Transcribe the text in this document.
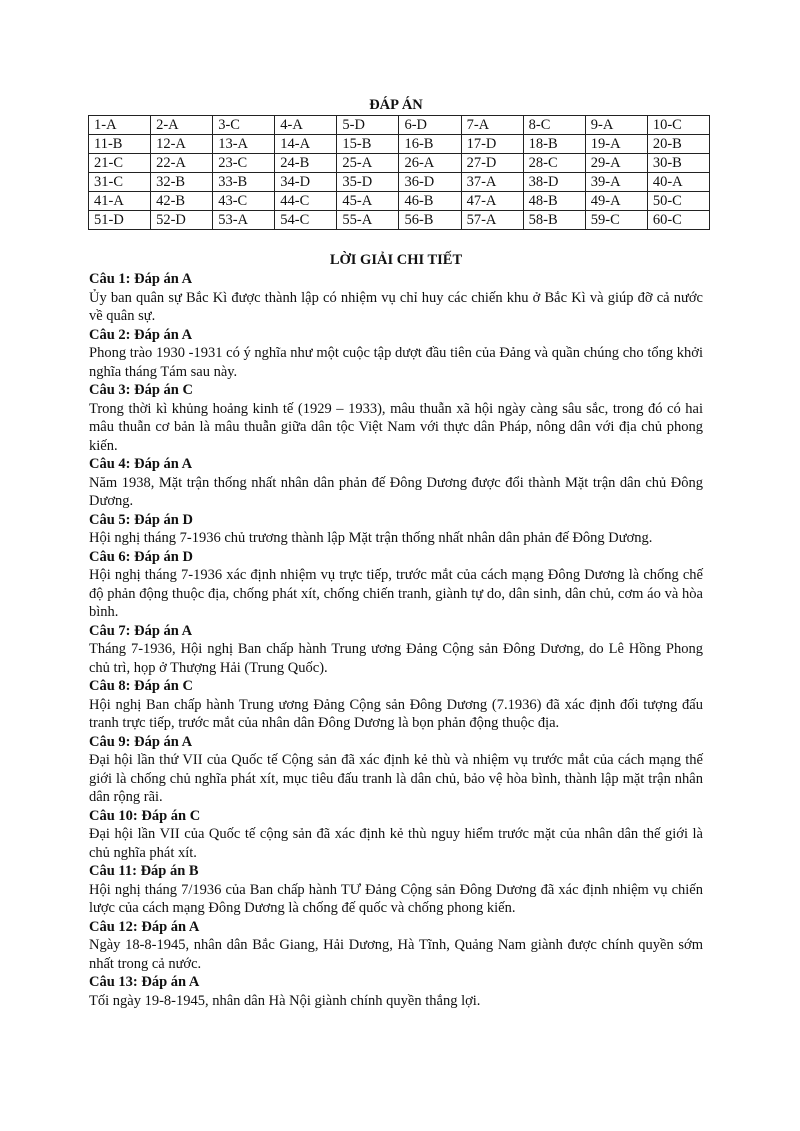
ĐÁP ÁN
1-A	2-A	3-C	4-A	5-D	6-D	7-A	8-C	9-A	10-C
11-B	12-A	13-A	14-A	15-B	16-B	17-D	18-B	19-A	20-B
21-C	22-A	23-C	24-B	25-A	26-A	27-D	28-C	29-A	30-B
31-C	32-B	33-B	34-D	35-D	36-D	37-A	38-D	39-A	40-A
41-A	42-B	43-C	44-C	45-A	46-B	47-A	48-B	49-A	50-C
51-D	52-D	53-A	54-C	55-A	56-B	57-A	58-B	59-C	60-C
LỜI GIẢI CHI TIẾT
Câu 1: Đáp án A
Ủy ban quân sự Bắc Kì được thành lập có nhiệm vụ chỉ huy các chiến khu ở Bắc Kì và giúp đỡ cả nước về quân sự.
Câu 2: Đáp án A
Phong trào 1930 -1931 có ý nghĩa như một cuộc tập dượt đầu tiên của Đảng và quần chúng cho tổng khởi nghĩa tháng Tám sau này.
Câu 3: Đáp án C
Trong thời kì khủng hoảng kinh tế (1929 – 1933), mâu thuẫn xã hội ngày càng sâu sắc, trong đó có hai mâu thuẫn cơ bản là mâu thuẫn giữa dân tộc Việt Nam với thực dân Pháp, nông dân với địa chủ phong kiến.
Câu 4: Đáp án A
Năm 1938, Mặt trận thống nhất nhân dân phản đế Đông Dương được đổi thành Mặt trận dân chủ Đông Dương.
Câu 5: Đáp án D
Hội nghị tháng 7-1936 chủ trương thành lập Mặt trận thống nhất nhân dân phản đế Đông Dương.
Câu 6: Đáp án D
Hội nghị tháng 7-1936 xác định nhiệm vụ trực tiếp, trước mắt của cách mạng Đông Dương là chống chế độ phản động thuộc địa, chống phát xít, chống chiến tranh, giành tự do, dân sinh, dân chủ, cơm áo và hòa bình.
Câu 7: Đáp án A
Tháng 7-1936, Hội nghị Ban chấp hành Trung ương Đảng Cộng sản Đông Dương, do Lê Hồng Phong chủ trì, họp ở Thượng Hải (Trung Quốc).
Câu 8: Đáp án C
Hội nghị Ban chấp hành Trung ương Đảng Cộng sản Đông Dương (7.1936) đã xác định đối tượng đấu tranh trực tiếp, trước mắt của nhân dân Đông Dương là bọn phản động thuộc địa.
Câu 9: Đáp án A
Đại hội lần thứ VII của Quốc tế Cộng sản đã xác định kẻ thù và nhiệm vụ trước mắt của cách mạng thế giới là chống chủ nghĩa phát xít, mục tiêu đấu tranh là dân chủ, bảo vệ hòa bình, thành lập mặt trận nhân dân rộng rãi.
Câu 10: Đáp án C
Đại hội lần VII của Quốc tế cộng sản đã xác định kẻ thù nguy hiểm trước mặt của nhân dân thế giới là chủ nghĩa phát xít.
Câu 11: Đáp án B
Hội nghị tháng 7/1936 của Ban chấp hành TƯ Đảng Cộng sản Đông Dương đã xác định nhiệm vụ chiến lược của cách mạng Đông Dương là chống đế quốc và chống phong kiến.
Câu 12: Đáp án A
Ngày 18-8-1945, nhân dân Bắc Giang, Hải Dương, Hà Tĩnh, Quảng Nam giành được chính quyền sớm nhất trong cả nước.
Câu 13: Đáp án A
Tối ngày 19-8-1945, nhân dân Hà Nội giành chính quyền thắng lợi.
